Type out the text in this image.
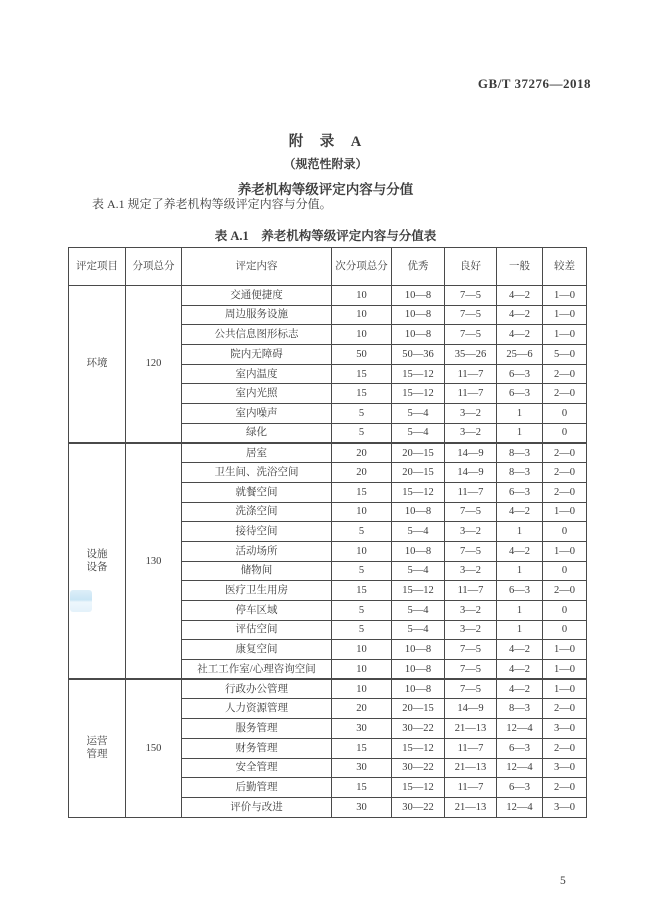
GB/T 37276—2018
附　录　A
（规范性附录）
养老机构等级评定内容与分值

表 A.1 规定了养老机构等级评定内容与分值。

表 A.1　养老机构等级评定内容与分值表
评定项目	分项总分	评定内容	次分项总分	优秀	良好	一般	较差

环境	120	交通便捷度	10	10—8	7—5	4—2	1—0
		周边服务设施	10	10—8	7—5	4—2	1—0
		公共信息图形标志	10	10—8	7—5	4—2	1—0
		院内无障碍	50	50—36	35—26	25—6	5—0
		室内温度	15	15—12	11—7	6—3	2—0
		室内光照	15	15—12	11—7	6—3	2—0
		室内噪声	5	5—4	3—2	1	0
		绿化	5	5—4	3—2	1	0

设施
设备	130	居室	20	20—15	14—9	8—3	2—0
		卫生间、洗浴空间	20	20—15	14—9	8—3	2—0
		就餐空间	15	15—12	11—7	6—3	2—0
		洗涤空间	10	10—8	7—5	4—2	1—0
		接待空间	5	5—4	3—2	1	0
		活动场所	10	10—8	7—5	4—2	1—0
		储物间	5	5—4	3—2	1	0
		医疗卫生用房	15	15—12	11—7	6—3	2—0
		停车区域	5	5—4	3—2	1	0
		评估空间	5	5—4	3—2	1	0
		康复空间	10	10—8	7—5	4—2	1—0
		社工工作室/心理咨询空间	10	10—8	7—5	4—2	1—0

运营
管理	150	行政办公管理	10	10—8	7—5	4—2	1—0
		人力资源管理	20	20—15	14—9	8—3	2—0
		服务管理	30	30—22	21—13	12—4	3—0
		财务管理	15	15—12	11—7	6—3	2—0
		安全管理	30	30—22	21—13	12—4	3—0
		后勤管理	15	15—12	11—7	6—3	2—0
		评价与改进	30	30—22	21—13	12—4	3—0
5
